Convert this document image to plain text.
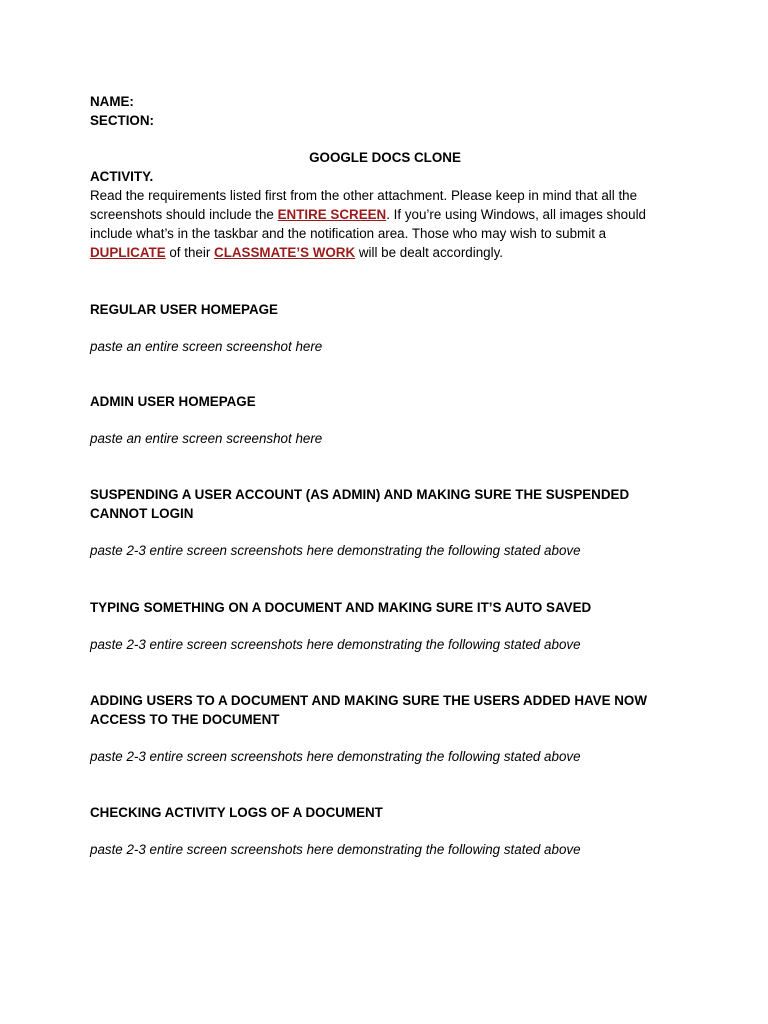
NAME:

SECTION:

GOOGLE DOCS CLONE

ACTIVITY.

Read the requirements listed first from the other attachment. Please keep in mind that all the screenshots should include the ENTIRE SCREEN. If you’re using Windows, all images should include what’s in the taskbar and the notification area. Those who may wish to submit a DUPLICATE of their CLASSMATE’S WORK will be dealt accordingly.

REGULAR USER HOMEPAGE

paste an entire screen screenshot here

ADMIN USER HOMEPAGE

paste an entire screen screenshot here

SUSPENDING A USER ACCOUNT (AS ADMIN) AND MAKING SURE THE SUSPENDED CANNOT LOGIN

paste 2-3 entire screen screenshots here demonstrating the following stated above

TYPING SOMETHING ON A DOCUMENT AND MAKING SURE IT’S AUTO SAVED

paste 2-3 entire screen screenshots here demonstrating the following stated above

ADDING USERS TO A DOCUMENT AND MAKING SURE THE USERS ADDED HAVE NOW ACCESS TO THE DOCUMENT

paste 2-3 entire screen screenshots here demonstrating the following stated above

CHECKING ACTIVITY LOGS OF A DOCUMENT

paste 2-3 entire screen screenshots here demonstrating the following stated above
